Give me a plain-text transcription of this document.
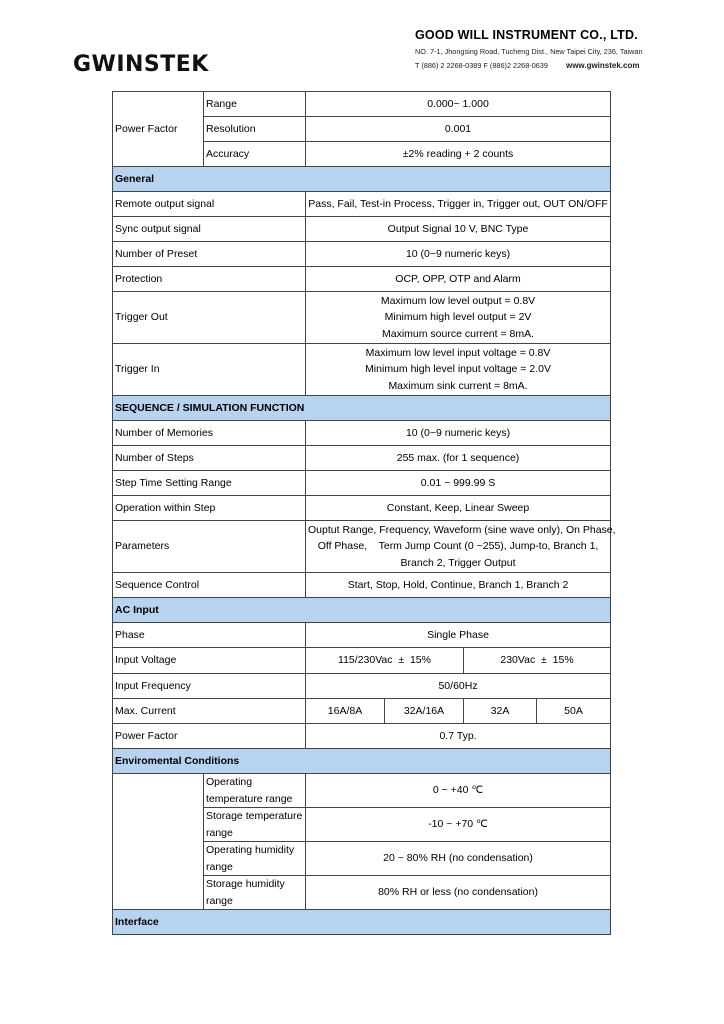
GWINSTEK
GOOD WILL INSTRUMENT CO., LTD.
NO. 7-1, Jhongsing Road, Tucheng Dist., New Taipei City, 236, Taiwan
T (886) 2 2268-0389 F (886)2 2268-0639 www.gwinstek.com
Power Factor	Range	0.000~ 1.000			
	Resolution	0.001			
	Accuracy	±2% reading + 2 counts			
General					
Remote output signal		Pass, Fail, Test-in Process, Trigger in, Trigger out, OUT ON/OFF			
Sync output signal		Output Signal 10 V, BNC Type			
Number of Preset		10 (0~9 numeric keys)			
Protection		OCP, OPP, OTP and Alarm			
Trigger Out		Maximum low level output = 0.8V
Minimum high level output = 2V
Maximum source current = 8mA.			

Trigger In		Maximum low level input voltage = 0.8V
Minimum high level input voltage = 2.0V
Maximum sink current = 8mA.			

SEQUENCE / SIMULATION FUNCTION					
Number of Memories		10 (0~9 numeric keys)			
Number of Steps		255 max. (for 1 sequence)			
Step Time Setting Range		0.01 ~ 999.99 S			
Operation within Step		Constant, Keep, Linear Sweep			
Parameters		Ouptut Range, Frequency, Waveform (sine wave only), On Phase,
Off Phase,    Term Jump Count (0 ~255), Jump-to, Branch 1,
Branch 2, Trigger Output			

Sequence Control		Start, Stop, Hold, Continue, Branch 1, Branch 2			
AC Input					
Phase		Single Phase			
Input Voltage		115/230Vac  ±  15%		230Vac  ±  15%	
Input Frequency		50/60Hz			
Max. Current		16A/8A	32A/16A	32A	50A
Power Factor		0.7 Typ.			
Enviromental Conditions					
	Operating temperature range	0 ~ +40 ℃			
	Storage temperature range	-10 ~ +70 ℃			
	Operating humidity range	20 ~ 80% RH (no condensation)			
	Storage humidity range	80% RH or less (no condensation)			
Interface					
